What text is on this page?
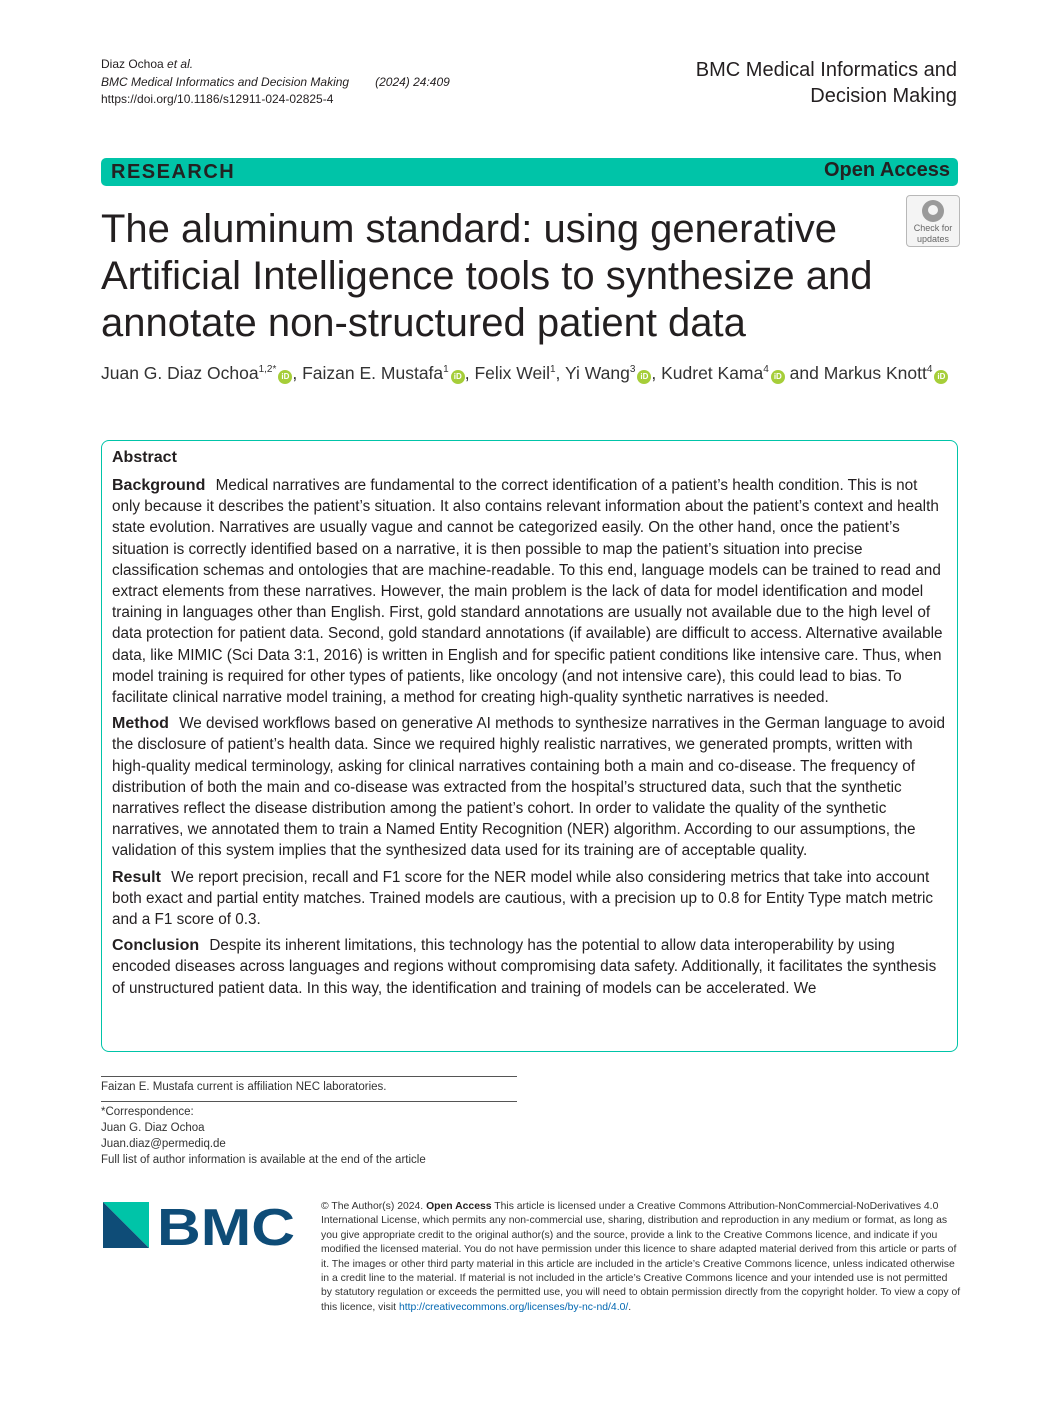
Diaz Ochoa et al.
BMC Medical Informatics and Decision Making (2024) 24:409
https://doi.org/10.1186/s12911-024-02825-4
BMC Medical Informatics and
Decision Making
RESEARCH	Open Access
The aluminum standard: using generative Artificial Intelligence tools to synthesize and annotate non-structured patient data
Check for
updates
Juan G. Diaz Ochoa$^{1,2*}$iD , Faizan E. Mustafa$^1$iD , Felix Weil$^1$, Yi Wang$^3$iD , Kudret Kama$^4$iD and Markus Knott$^4$iD
Abstract

Background Medical narratives are fundamental to the correct identification of a patient’s health condition. This is not only because it describes the patient’s situation. It also contains relevant information about the patient’s context and health state evolution. Narratives are usually vague and cannot be categorized easily. On the other hand, once the patient’s situation is correctly identified based on a narrative, it is then possible to map the patient’s situation into precise classification schemas and ontologies that are machine-readable. To this end, language models can be trained to read and extract elements from these narratives. However, the main problem is the lack of data for model identification and model training in languages other than English. First, gold standard annotations are usually not available due to the high level of data protection for patient data. Second, gold standard annotations (if available) are difficult to access. Alternative available data, like MIMIC (Sci Data 3:1, 2016) is written in English and for specific patient conditions like intensive care. Thus, when model training is required for other types of patients, like oncology (and not intensive care), this could lead to bias. To facilitate clinical narrative model training, a method for creating high-quality synthetic narratives is needed.

Method We devised workflows based on generative AI methods to synthesize narratives in the German language to avoid the disclosure of patient’s health data. Since we required highly realistic narratives, we generated prompts, written with high-quality medical terminology, asking for clinical narratives containing both a main and co-disease. The frequency of distribution of both the main and co-disease was extracted from the hospital’s structured data, such that the synthetic narratives reflect the disease distribution among the patient’s cohort. In order to validate the quality of the synthetic narratives, we annotated them to train a Named Entity Recognition (NER) algorithm. According to our assumptions, the validation of this system implies that the synthesized data used for its training are of acceptable quality.

Result We report precision, recall and F1 score for the NER model while also considering metrics that take into account both exact and partial entity matches. Trained models are cautious, with a precision up to 0.8 for Entity Type match metric and a F1 score of 0.3.

Conclusion Despite its inherent limitations, this technology has the potential to allow data interoperability by using encoded diseases across languages and regions without compromising data safety. Additionally, it facilitates the synthesis of unstructured patient data. In this way, the identification and training of models can be accelerated. We

Faizan E. Mustafa current is affiliation NEC laboratories.
*Correspondence:
Juan G. Diaz Ochoa
Juan.diaz@permediq.de
Full list of author information is available at the end of the article
BMC	© The Author(s) 2024. Open Access This article is licensed under a Creative Commons Attribution-NonCommercial-NoDerivatives 4.0 International License, which permits any non-commercial use, sharing, distribution and reproduction in any medium or format, as long as you give appropriate credit to the original author(s) and the source, provide a link to the Creative Commons licence, and indicate if you modified the licensed material. You do not have permission under this licence to share adapted material derived from this article or parts of it. The images or other third party material in this article are included in the article’s Creative Commons licence, unless indicated otherwise in a credit line to the material. If material is not included in the article’s Creative Commons licence and your intended use is not permitted by statutory regulation or exceeds the permitted use, you will need to obtain permission directly from the copyright holder. To view a copy of this licence, visit http://creativecommons.org/licenses/by-nc-nd/4.0/.
